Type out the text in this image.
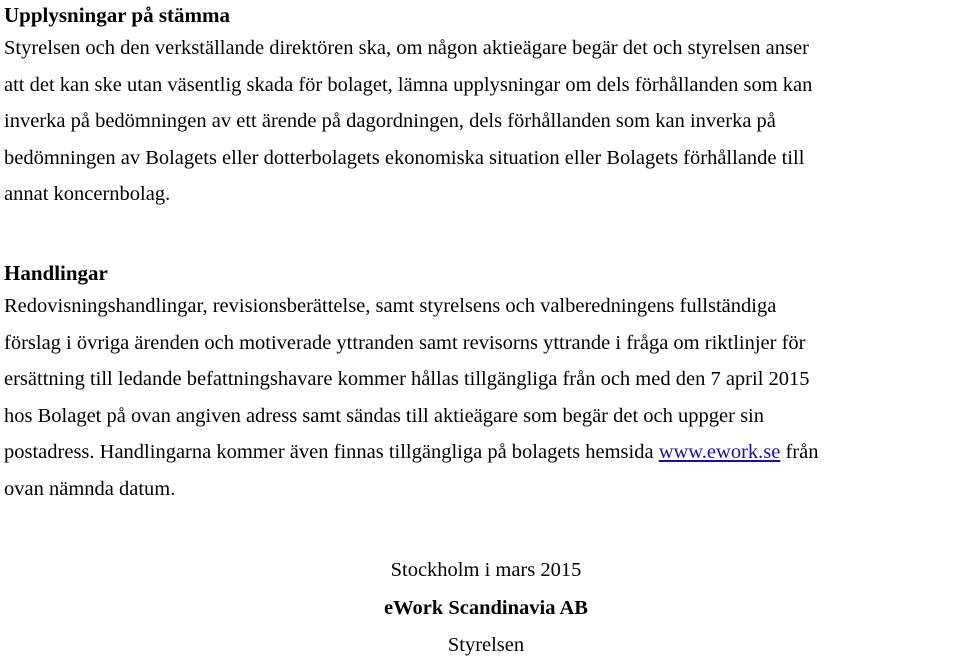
Upplysningar på stämma
Styrelsen och den verkställande direktören ska, om någon aktieägare begär det och styrelsen anser
att det kan ske utan väsentlig skada för bolaget, lämna upplysningar om dels förhållanden som kan
inverka på bedömningen av ett ärende på dagordningen, dels förhållanden som kan inverka på
bedömningen av Bolagets eller dotterbolagets ekonomiska situation eller Bolagets förhållande till
annat koncernbolag.
Handlingar
Redovisningshandlingar, revisionsberättelse, samt styrelsens och valberedningens fullständiga
förslag i övriga ärenden och motiverade yttranden samt revisorns yttrande i fråga om riktlinjer för
ersättning till ledande befattningshavare kommer hållas tillgängliga från och med den 7 april 2015
hos Bolaget på ovan angiven adress samt sändas till aktieägare som begär det och uppger sin
postadress. Handlingarna kommer även finnas tillgängliga på bolagets hemsida www.ework.se från
ovan nämnda datum.
Stockholm i mars 2015
eWork Scandinavia AB
Styrelsen
